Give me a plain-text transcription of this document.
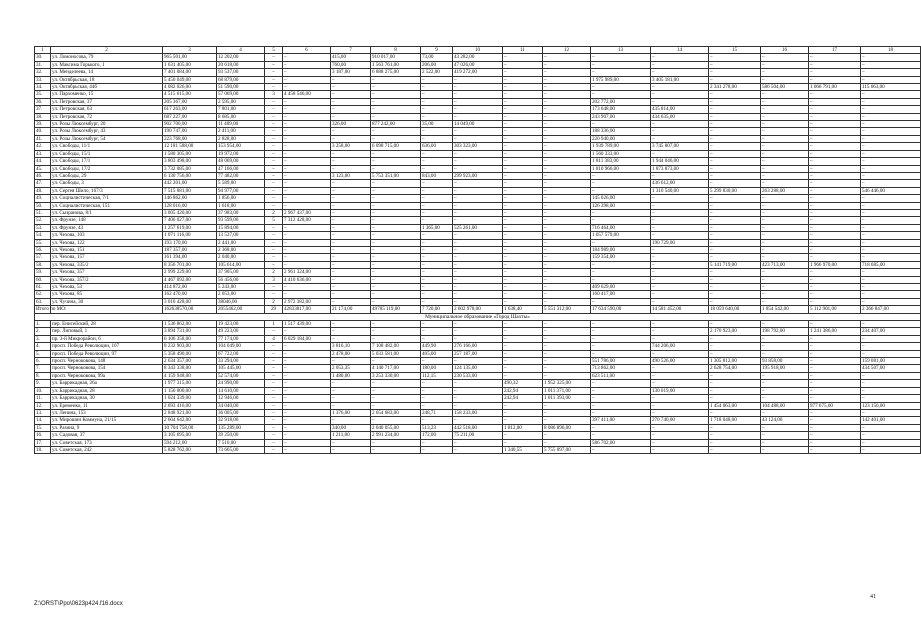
1	2	3	4	5	6	7	8	9	10	11	12	13	14	15	16	17	18
30.	ул. Ломоносова, 79	965 501,00	12 202,00	–	–	415,00	910 017,00	73,00	43 282,00	–	–	–	–	–	–	–	–
31.	ул. Максима Горького, 1	1 631 405,00	20 618,00	–	–	760,00	1 563 761,00	206,00	47 026,00	–	–	–	–	–	–	–	–
32.	ул. Менделеева, 14	7 401 084,00	93 537,00	–	–	3 187,00	6 888 275,00	2 522,00	419 272,00	–	–	–	–	–	–	–	–
33.	ул. Октябрьская, 18	5 450 049,00	68 879,00	–	–	–	–	–	–	–	–	1 975 989,00	3 405 181,00	–	–	–	–
34.	ул. Октябрьская, 44б	4 082 026,00	51 590,00	–	–	–	–	–	–	–	–	–	–	2 341 278,00	586 504,00	1 066 791,00	115 663,00
35.	ул. Пархоменко, 15	4 515 615,00	57 069,00	3	4 458 546,00	–	–	–	–	–	–	–	–	–	–	–	–
36.	ул. Петровская, 37	205 367,00	2 595,00	–	–	–	–	–	–	–	–	202 772,00	–	–	–	–	–
37.	ул. Петровская, 63	617 263,00	7 801,00	–	–	–	–	–	–	–	–	173 648,00	435 814,00	–	–	–	–
38.	ул. Петровская, 72	687 227,00	8 685,00	–	–	–	–	–	–	–	–	243 907,00	434 635,00	–	–	–	–
39.	ул. Розы Люксембург, 20	902 700,00	11 409,00	–	–	326,00	877 242,00	35,00	14 049,00	–	–	–	–	–	–	–	–
40.	ул. Розы Люксембург, 43	190 747,00	2 411,00	–	–	–	–	–	–	–	–	188 336,00	–	–	–	–	–
41.	ул. Розы Люксембург, 54	223 768,00	2 828,00	–	–	–	–	–	–	–	–	220 940,00	–	–	–	–	–
42.	ул. Свободы, 11/1	12 181 588,00	153 954,00	–	–	3 258,00	6 098 715,00	636,00	303 323,00	–	–	1 939 789,00	3 745 807,00	–	–	–	–
43.	ул. Свободы, 15/1	1 580 305,00	19 972,00	–	–	–	–	–	–	–	–	1 560 333,00	–	–	–	–	–
44.	ул. Свободы, 17/1	3 803 498,00	48 069,00	–	–	–	–	–	–	–	–	1 811 383,00	1 944 046,00	–	–	–	–
45.	ул. Свободы, 17/2	3 732 085,00	47 166,00	–	–	–	–	–	–	–	–	1 810 966,00	1 873 873,00	–	–	–	–
46.	ул. Свободы, 29	6 130 756,00	77 482,00	–	–	3 123,00	5 753 351,00	843,00	299 923,00	–	–	–	–	–	–	–	–
47.	ул. Свободы, 3	442 201,00	5 589,00	–	–	–	–	–	–	–	–	–	436 612,00	–	–	–	–
48.	ул. Сергея Шило, 167/3	7 515 081,00	94 977,00	–	–	–	–	–	–	–	–	–	1 310 540,00	5 299 830,00	263 288,00	–	546 446,00
49.	ул. Социалистическая, 7/1	146 862,00	1 856,00	–	–	–	–	–	–	–	–	145 026,00	–	–	–	–	–
50.	ул. Социалистическая, 151	128 016,00	1 618,00	–	–	–	–	–	–	–	–	126 398,00	–	–	–	–	–
51.	ул. Сызранова, 8/1	3 005 420,00	37 983,00	2	2 967 437,00	–	–	–	–	–	–	–	–	–	–	–	–
52.	ул. Фрунзе, 148	7 406 027,00	93 599,00	5	7 312 428,00	–	–	–	–	–	–	–	–	–	–	–	–
53.	ул. Фрунзе, 43	1 257 619,00	15 894,00	–	–	–	–	1 365,00	525 261,00	–	–	716 464,00	–	–	–	–	–
54.	ул. Чехова, 103	1 071 116,00	13 537,00	–	–	–	–	–	–	–	–	1 057 579,00	–	–	–	–	–
55.	ул. Чехова, 122	193 170,00	2 441,00	–	–	–	–	–	–	–	–	–	190 729,00	–	–	–	–
56.	ул. Чехова, 151	187 357,00	2 368,00	–	–	–	–	–	–	–	–	184 989,00	–	–	–	–	–
57.	ул. Чехова, 157	161 394,00	2 040,00	–	–	–	–	–	–	–	–	159 354,00	–	–	–	–	–
58.	ул. Чехова, 335/2	8 356 701,00	105 614,00	–	–	–	–	–	–	–	–	–	–	5 141 719,00	423 713,00	1 966 970,00	718 685,00
59.	ул. Чехова, 357	2 999 229,00	37 905,00	2	2 961 324,00	–	–	–	–	–	–	–	–	–	–	–	–
60.	ул. Чехова, 357/2	4 467 092,00	56 456,00	3	4 410 636,00	–	–	–	–	–	–	–	–	–	–	–	–
61.	ул. Чехова, 53	414 872,00	5 243,00	–	–	–	–	–	–	–	–	409 629,00	–	–	–	–	–
62.	ул. Чехова, 85	162 470,00	2 053,00	–	–	–	–	–	–	–	–	160 417,00	–	–	–	–	–
63.	ул. Чучина, 30	3 010 428,00	38046,00	2	2 972 382,00	–	–	–	–	–	–	–	–	–	–	–	–
Итого по МО:		162638570,00	2055462,00	29	42833817,00	21 174,00	49785 119,00	7 720,00	2 602 978,00	1 638,40	5 551 312,00	17 634 590,00	14 581 452,00	18 059 640,00	1 854 542,00	5 112 901,00	2 366 847,00
Муниципальное образование «Город Шахты»																	
1.	пер. Енисейский, 28	1 536 862,00	19 423,00	1	1 517 439,00	–	–	–	–	–	–	–	–	–	–	–	–
2.	пер. Липовый, 1	3 894 731,00	49 223,00	–	–	–	–	–	–	–	–	–	–	2 170 923,00	198 792,00	1 241 386,00	234 407,00
3.	пр. 3-й Микрорайон, 6	6 106 358,00	77 174,00	4	6 029 184,00	–	–	–	–	–	–	–	–	–	–	–	–
4.	просп. Победа Революции, 107	8 232 903,00	104 049,00	–	–	3 816,10	7 108 482,00	449,90	276 166,00	–	–	–	744 206,00	–	–	–	–
5.	просп. Победа Революции, 97	5 358 490,00	67 722,00	–	–	2 478,00	5 033 581,00	405,00	257 187,00	–	–	–	–	–	–	–	–
6.	просп. Черноковова, 148	2 634 357,00	33 294,00	–	–	–	–	–	–	–	–	551 786,00	490 526,00	1 305 812,00	93 858,00	–	159 081,00
7.	просп. Черноковова, 154	8 343 338,00	105 445,00	–	–	2 053,35	4 140 717,00	180,00	124 135,00	–	–	713 862,00	–	2 628 754,00	195 918,00	–	434 507,00
8.	просп. Черноковова, 99а	4 159 948,00	52 574,00	–	–	1 480,00	3 253 330,00	112,15	230 533,00	–	–	623 511,00	–	–	–	–	–
9.	ул. Баррикадная, 26а	1 977 315,00	24 990,00	–	–	–	–	–	–	490,32	1 952 325,00	–	–	–	–	–	–
10.	ул. Баррикадная, 28	1 156 000,00	14 610,00	–	–	–	–	–	–	242,94	1 011 371,00	–	130 019,00	–	–	–	–
11.	ул. Баррикадная, 30	1 024 339,00	12 946,00	–	–	–	–	–	–	242,94	1 011 393,00	–	–	–	–	–	–
12.	ул. Еременко, 11	2 693 416,00	34 040,00	–	–	–	–	–	–	–	–	–	–	1 454 063,00	104 488,00	977 675,00	123 150,00
13.	ул. Ленина, 153	2 848 921,00	36 005,00	–	–	1 376,00	2 654 683,00	248,71	158 233,00	–	–	–	–	–	–	–	–
14.	ул. Мирошин Коммуна, 21/15	2 604 642,00	32 918,00	–	–	–	–	–	–	–	–	397 411,00	270 740,00	1 718 048,00	43 124,00	–	142 401,00
15.	ул. Разина, 9	10 704 758,00	135 289,00	–	–	340,00	2 040 055,00	513,23	442 518,00	1 812,00	8 086 896,00	–	–	–	–	–	–
16.	ул. Садовая, 37	3 105 695,00	39 250,00	–	–	1 211,80	2 991 234,00	172,00	75 211,00	–	–	–	–	–	–	–	–
17.	ул. Советская, 173	594 212,00	7 510,00	–	–	–	–	–	–	–	–	586 702,00	–	–	–	–	–
18.	ул. Советская, 242	5 828 762,00	73 665,00	–	–	–	–	–	–	1 340,55	5 755 097,00	–	–	–	–	–	–
41
Z:\ORST\Ppo\0623p424.f16.docx
